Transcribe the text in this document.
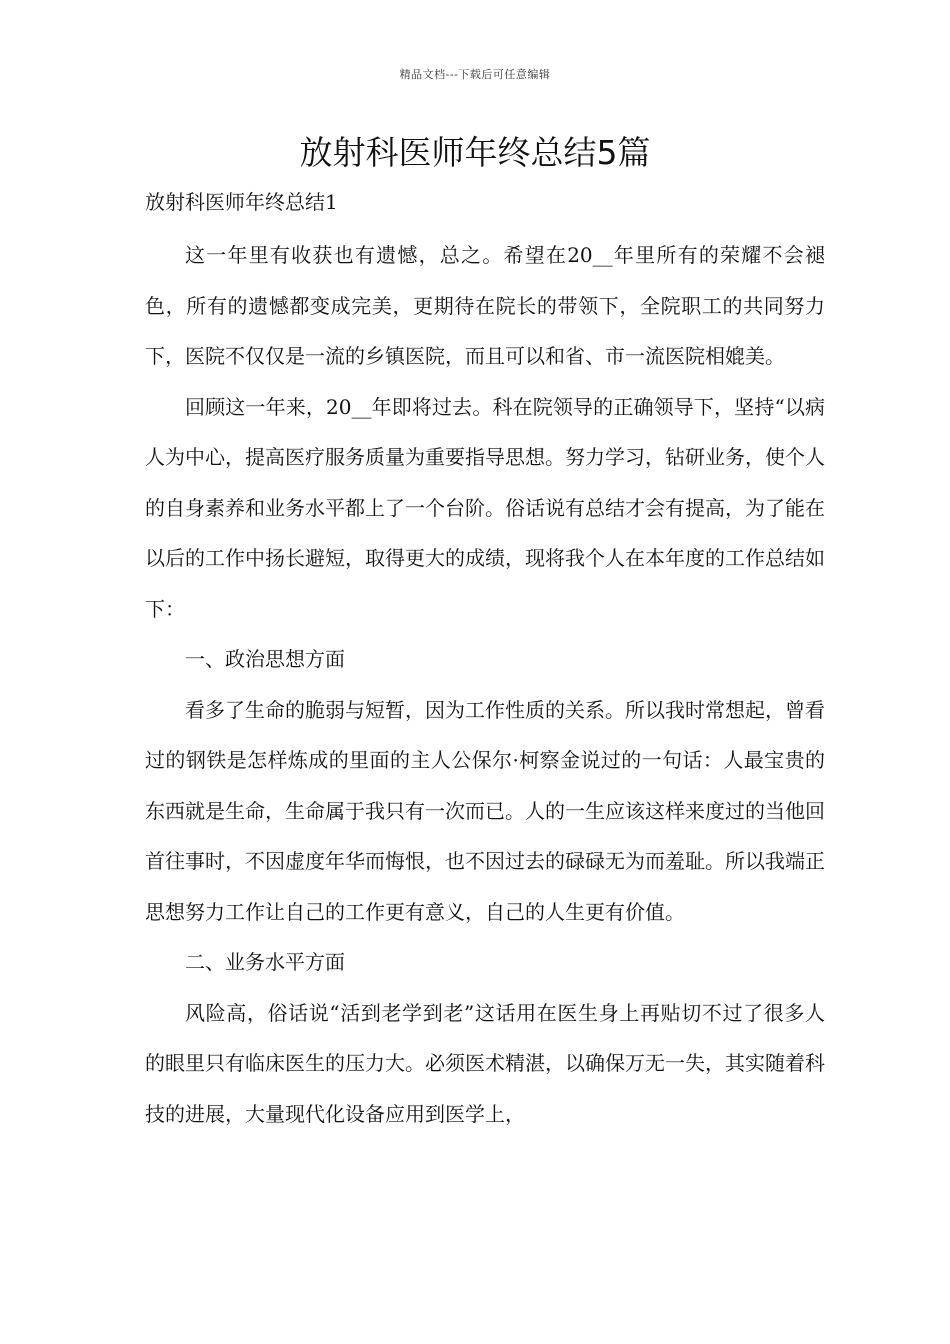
精品文档---下载后可任意编辑
放射科医师年终总结5篇

放射科医师年终总结1

这一年里有收获也有遗憾，总之。希望在20__年里所有的荣耀不会褪色，所有的遗憾都变成完美，更期待在院长的带领下，全院职工的共同努力下，医院不仅仅是一流的乡镇医院，而且可以和省、市一流医院相媲美。

回顾这一年来，20__年即将过去。科在院领导的正确领导下，坚持“以病人为中心，提高医疗服务质量为重要指导思想。努力学习，钻研业务，使个人的自身素养和业务水平都上了一个台阶。俗话说有总结才会有提高，为了能在以后的工作中扬长避短，取得更大的成绩，现将我个人在本年度的工作总结如下：

一、政治思想方面

看多了生命的脆弱与短暂，因为工作性质的关系。所以我时常想起，曾看过的钢铁是怎样炼成的里面的主人公保尔·柯察金说过的一句话：人最宝贵的东西就是生命，生命属于我只有一次而已。人的一生应该这样来度过的当他回首往事时，不因虚度年华而悔恨，也不因过去的碌碌无为而羞耻。所以我端正思想努力工作让自己的工作更有意义，自己的人生更有价值。

二、业务水平方面

风险高，俗话说“活到老学到老”这话用在医生身上再贴切不过了很多人的眼里只有临床医生的压力大。必须医术精湛，以确保万无一失，其实随着科技的进展，大量现代化设备应用到医学上，
